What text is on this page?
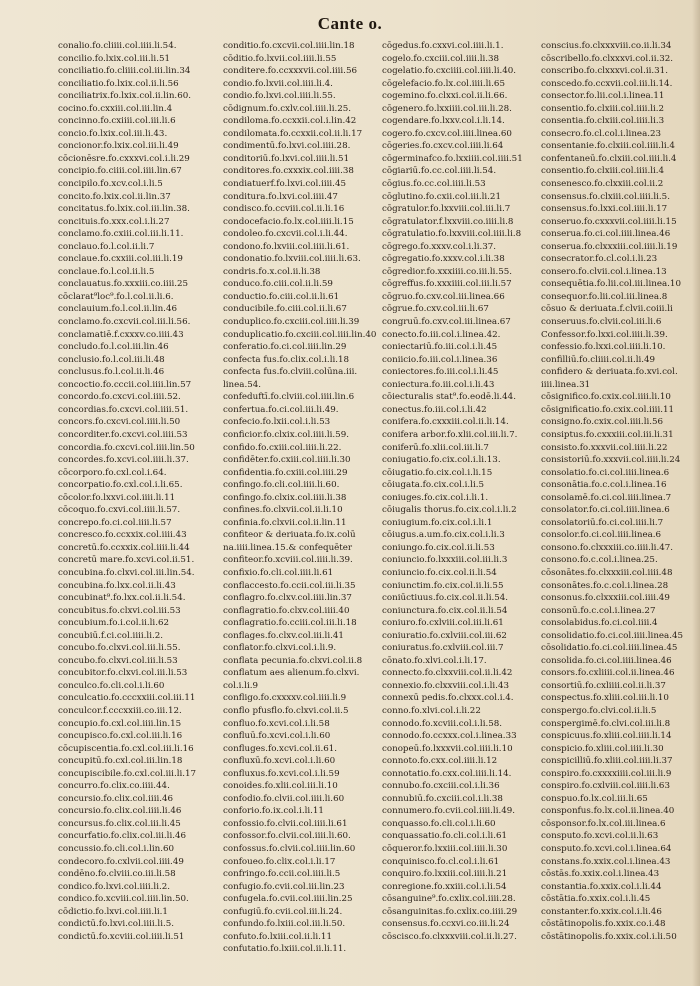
Cante o.
conalio.fo.cliiii.col.iiii.li.54.
concilio.fo.lxix.col.iii.li.51
conciliatio.fo.cliiii.col.iii.lin.34
conciliatio.fo.lxix.col.ii.li.56
conciliatrix.fo.lxix.col.ii.lin.60.
cocino.fo.cxxiii.col.iii.lin.4
concinno.fo.cxiiii.col.iii.li.6
concio.fo.lxix.col.iii.li.43.
concionor.fo.lxix.col.iii.li.49
cōcionēsre.fo.cxxxvi.col.i.li.29
concipio.fo.ciiii.col.iiii.lin.67
concipilo.fo.xcv.col.i.li.5
concito.fo.lxix.col.ii.lin.37
concitatus.fo.lxix.col.iii.lin.38.
concituis.fo.xxx.col.i.li.27
conclamo.fo.cxiii.col.iii.li.11.
conclauo.fo.l.col.ii.li.7
conclaue.fo.cxxiii.col.iii.li.19
conclaue.fo.l.col.ii.li.5
conclauatus.fo.xxxiii.co.iiii.25
cōclarat⁹loc⁹.fo.l.col.ii.li.6.
conclauium.fo.l.col.ii.lin.46
conclamo.fo.cxcvii.col.iii.li.56.
conclamatiē.f.cxxxv.co.iiii.43
concludo.fo.l.col.iii.lin.46
conclusio.fo.l.col.iii.li.48
conclusus.fo.l.col.ii.li.46
concoctio.fo.cccii.col.iiii.lin.57
concordo.fo.cxcvi.col.iiii.52.
concordias.fo.cxcvi.col.iiii.51.
concors.fo.cxcvi.col.iiii.li.50
concorditer.fo.cxcvi.col.iiii.53
concordia.fo.cxcvi.col.iiii.lin.50
concordes.fo.xcvi.col.iiii.li.37.
cōcorporo.fo.cxl.col.i.64.
concorpatio.fo.cxl.col.i.li.65.
cōcolor.fo.lxxvi.col.iiii.li.11
cōcoquo.fo.cxvi.col.iiii.li.57.
concrepo.fo.ci.col.iiii.li.57
concresco.fo.ccxxix.col.iiii.43
concretū.fo.ccxxix.col.iiii.li.44
concretū mare.fo.xcvi.col.ii.51.
concubina.fo.clxvi.col.iii.lin.54.
concubina.fo.lxx.col.ii.li.43
concubinat⁹.fo.lxx.col.ii.li.54.
concubitus.fo.clxvi.col.iii.53
concubium.fo.i.col.ii.li.62
concubiū.f.ci.col.iiii.li.2.
concubo.fo.clxvi.col.iii.li.55.
concubo.fo.clxvi.col.iii.li.53
concubitor.fo.clxvi.col.iii.li.53
conculco.fo.cli.col.i.li.60
conculcatio.fo.cccxxiii.col.iii.11
conculcor.f.cccxxiii.co.iii.12.
concupio.fo.cxl.col.iiii.lin.15
concupisco.fo.cxl.col.iii.li.16
cōcupiscentia.fo.cxl.col.iii.li.16
concupitū.fo.cxl.col.iii.lin.18
concupiscibile.fo.cxl.col.iii.li.17
concurro.fo.clix.co.iiii.44.
concursio.fo.clix.col.iiii.46
concursio.fo.clix.col.iiii.li.46
concursus.fo.clix.col.iii.li.45
concurfatio.fo.clix.col.iii.li.46
concussio.fo.cli.col.i.lin.60
condecoro.fo.cxlvii.col.iiii.49
condēno.fo.clviii.co.iii.li.58
condico.fo.lxvi.col.iiii.li.2.
condico.fo.xcviii.col.iiii.lin.50.
cōdictio.fo.lxvi.col.iiii.li.1
condictū.fo.lxvi.col.iiii.li.5.
condictū.fo.xcviii.col.iiii.li.51
conditio.fo.cxcvii.col.iiii.lin.18
cōditio.fo.lxvii.col.iiii.li.55
conditere.fo.ccxxxvii.col.iiii.56
condio.fo.lxvii.col.iiii.li.4.
condio.fo.lxvi.col.iiii.li.55.
cōdignum.fo.cxlv.col.iiii.li.25.
condiloma.fo.ccxxii.col.i.lin.42
condilomata.fo.ccxxii.col.ii.li.17
condimentū.fo.lxvi.col.iiii.28.
conditoriū.fo.lxvi.col.iiii.li.51
conditores.fo.cxxxix.col.iiii.38
condiatuerf.fo.lxvi.col.iiii.45
conditura.fo.lxvi.col.iiii.47
condisco.fo.ccviii.col.ii.li.16
condocefacio.fo.lx.col.iiii.li.15
condoleo.fo.cxcvii.col.i.li.44.
condono.fo.lxviii.col.iiii.li.61.
condonatio.fo.lxviii.col.iiii.li.63.
condris.fo.x.col.ii.li.38
conduco.fo.ciii.col.ii.li.59
conductio.fo.ciii.col.ii.li.61
conducibile.fo.ciii.col.ii.li.67
conduplico.fo.cxciii.col.iiii.li.39
conduplicatio.fo.cxciii.col.iiii.lin.40
conferatio.fo.ci.col.iiii.lin.29
confecta fus.fo.clix.col.i.li.18
confecta fus.fo.clviii.colūna.iii.
linea.54.
confeduftī.fo.clviii.col.iiii.lin.6
confertua.fo.ci.col.iii.li.49.
confecio.fo.lxii.col.i.li.53
conficior.fo.clxix.col.iiii.li.59.
confido.fo.cxiii.col.iiii.li.22.
confidēter.fo.cxiii.col.iiii.li.30
confidentia.fo.cxiii.col.iiii.29
confingo.fo.cli.col.iiii.li.60.
confingo.fo.clxix.col.iiii.li.38
confines.fo.clxvii.col.ii.li.10
confinia.fo.clxvii.col.ii.lin.11
confiteor & deriuata.fo.ix.colū
na.iiii.linea.15.& confequēter
confiteor.fo.xcviii.col.iiii.li.39.
confixio.fo.cli.col.iiii.li.61
conflaccesto.fo.ccii.col.iii.li.35
conflagro.fo.clxv.col.iiii.lin.37
conflagratio.fo.clxv.col.iiii.40
conflagratio.fo.cciii.col.iii.li.18
conflages.fo.clxv.col.iii.li.41
conflator.fo.clxvi.col.i.li.9.
conflata pecunia.fo.clxvi.col.ii.8
conflatum aes alienum.fo.clxvi.
col.i.li.9
confligo.fo.cxxxxv.col.iiii.li.9
conflo pfusflo.fo.clxvi.col.ii.5
confluo.fo.xcvi.col.i.li.58
confluū.fo.xcvi.col.i.li.60
confluges.fo.xcvi.col.ii.61.
confluxū.fo.xcvi.col.i.li.60
confluxus.fo.xcvi.col.i.li.59
conoides.fo.xlii.col.iii.li.10
confodio.fo.clvii.col.iiii.li.60
conforio.fo.ix.col.i.li.11
confossio.fo.clvii.col.iiii.li.61
confossor.fo.clvii.col.iiii.li.60.
confossus.fo.clvii.col.iiii.lin.60
confoueo.fo.clix.col.i.li.17
confringo.fo.ccii.col.iiii.li.5
confugio.fo.cvii.col.iii.lin.23
confugela.fo.cvii.col.iiii.lin.25
confugiū.fo.cvii.col.iii.li.24.
confundo.fo.lxiii.col.iii.li.50.
confuto.fo.lxiii.col.ii.li.11
confutatio.fo.lxiii.col.ii.li.11.
cōgedus.fo.cxxvi.col.iiii.li.1.
cogelo.fo.cxciii.col.iiii.li.38
cogelatio.fo.cxciiii.col.iiii.li.40.
cōgelefacio.fo.lx.col.iiii.li.65
cogemino.fo.clxxi.col.ii.li.66.
cōgenero.fo.lxxiiii.col.iii.li.28.
cogendare.fo.lxxv.col.i.li.14.
cogero.fo.cxcv.col.iiii.linea.60
cōgeries.fo.cxcv.col.iiii.li.64
cōgerminafco.fo.lxxiiii.col.iiii.51
cōgiariū.fo.cc.col.iiii.li.54.
cōgius.fo.cc.col.iiii.li.53
cōglutino.fo.cxii.col.iii.li.21
cōgratulor.fo.lxxviii.col.iii.li.7
cōgratulator.f.lxxviii.co.iiii.li.8
cōgratulatio.fo.lxxviii.col.iiii.li.8
cōgrego.fo.xxxv.col.i.li.37.
cōgregatio.fo.xxxv.col.i.li.38
cōgredior.fo.xxxiiii.co.iii.li.55.
cōgreffus.fo.xxxiiii.col.iii.li.57
cōgruo.fo.cxv.col.iii.linea.66
cōgrue.fo.cxv.col.iii.li.67
congruū.fo.cxv.col.iii.linea.67
conecto.fo.iii.col.i.linea.42.
coniectariū.fo.iii.col.i.li.45
coniicio.fo.iii.col.i.linea.36
coniectores.fo.iii.col.i.li.45
coniectura.fo.iii.col.i.li.43
cōiecturalis stat⁹.fo.eodē.li.44.
conectus.fo.iii.col.i.li.42
conifera.fo.cxxxiii.col.ii.li.14.
conifera arbor.fo.xlii.col.iii.li.7.
coniferū.fo.xlii.col.iii.li.7
coniugatio.fo.cix.col.i.li.13.
cōiugatio.fo.cix.col.i.li.15
cōiugata.fo.cix.col.i.li.5
coniuges.fo.cix.col.i.li.1.
cōiugalis thorus.fo.cix.col.i.li.2
coniugium.fo.cix.col.i.li.1
cōiugus.a.um.fo.cix.col.i.li.3
coniungo.fo.cix.col.ii.li.53
coniuncio.fo.lxxxiii.col.iii.li.3
coniuncio.fo.cix.col.ii.li.54
coniunctim.fo.cix.col.ii.li.55
coniūctiuus.fo.cix.col.ii.li.54.
coniunctura.fo.cix.col.ii.li.54
coniuro.fo.cxlviii.col.iii.li.61
coniuratio.fo.cxlviii.col.iii.62
coniuratus.fo.cxlviii.col.iii.7
cōnato.fo.xlvi.col.i.li.17.
connecto.fo.clxxviii.col.ii.li.42
connexio.fo.clxxviii.col.i.li.43
connexū pedis.fo.clxxx.col.i.4.
conno.fo.xlvi.col.i.li.22
connodo.fo.xcviii.col.i.li.58.
connodo.fo.ccxxx.col.i.linea.33
conopeū.fo.lxxxvii.col.iiii.li.10
connoto.fo.cxx.col.iiii.li.12
connotatio.fo.cxx.col.iiii.li.14.
connubo.fo.cxciii.col.i.li.36
connubiū.fo.cxciii.col.i.li.38
connumero.fo.cvii.col.iiii.li.49.
conquasso.fo.cli.col.i.li.60
conquassatio.fo.cli.col.i.li.61
cōqueror.fo.lxxiii.col.iiii.li.30
conquinisco.fo.cl.col.i.li.61
conquiro.fo.lxxiii.col.iiii.li.21
conregione.fo.xxiii.col.i.li.54
cōsanguine⁹.fo.cxlix.col.iiii.28.
cōsanguinitas.fo.cxlix.co.iiii.29
consensus.fo.ccxvi.co.iii.li.24
cōscisco.fo.clxxxviii.col.ii.li.27.
conscius.fo.clxxxviii.co.ii.li.34
cōscribello.fo.clxxxvi.col.ii.32.
conscribo.fo.clxxxvi.col.ii.31.
conscedo.fo.ccxvii.col.iii.li.14.
consector.fo.lii.col.i.linea.11
consentio.fo.clxiii.col.iiii.li.2
consentia.fo.clxiii.col.iiii.li.3
consecro.fo.cl.col.i.linea.23
consentanie.fo.clxiii.col.iiii.li.4
confentaneū.fo.clxiii.col.iiii.li.4
consentio.fo.clxiii.col.iiii.li.4
consenesco.fo.clxxiii.col.ii.2
consensus.fo.clxiii.col.iiii.li.5.
consensus.fo.lxxi.col.iiii.li.17
conseruo.fo.cxxxvii.col.iiii.li.15
conserua.fo.ci.col.iiii.linea.46
conserua.fo.clxxxiii.col.iiii.li.19
consecrator.fo.cl.col.i.li.23
consero.fo.clvii.col.i.linea.13
consequētia.fo.lii.col.iii.linea.10
consequor.fo.lii.col.iii.linea.8
cōsuo & deriuata.f.clvii.coiii.li
conseruus.fo.clvii.col.iii.li.6
Confessor.fo.lxxi.col.iiii.li.39.
confessio.fo.lxxi.col.iiii.li.10.
confilliū.fo.cliiii.col.ii.li.49
confidero & deriuata.fo.xvi.col.
iiii.linea.31
cōsignifico.fo.cxix.col.iiii.li.10
cōsignificatio.fo.cxix.col.iiii.11
consigno.fo.cxix.col.iiii.li.56
consiptus.fo.cxxxiii.col.iii.li.31
consisto.fo.xxxvii.col.iiii.li.22
consistoriū.fo.xxxvii.col.iiii.li.24
consolatio.fo.ci.col.iiii.linea.6
consonātia.fo.c.col.i.linea.16
consolamē.fo.ci.col.iiii.linea.7
consolator.fo.ci.col.iiii.linea.6
consolatoriū.fo.ci.col.iiii.li.7
consolor.fo.ci.col.iiii.linea.6
consono.fo.clxxxiii.co.iiii.li.47.
consono.fo.c.col.i.linea.25.
cōsonātes.fo.clxxxiii.col.iiii.48
consonātes.fo.c.col.i.linea.28
consonus.fo.clxxxiii.col.iiii.49
consonū.fo.c.col.i.linea.27
consolabidus.fo.ci.col.iiii.4
consolidatio.fo.ci.col.iiii.linea.45
cōsolidatio.fo.ci.col.iiii.linea.45
consolida.fo.ci.col.iiii.linea.46
consors.fo.cxliiii.col.ii.linea.46
consortiū.fo.cxliiii.col.ii.li.37
conspectus.fo.xliii.col.iii.li.10
conspergo.fo.clvi.col.ii.li.5
conspergimē.fo.clvi.col.iii.li.8
conspicuus.fo.xliii.col.iiii.li.14
conspicio.fo.xliii.col.iiii.li.30
conspicilliū.fo.xliii.col.iiii.li.37
conspiro.fo.cxxxxiiii.col.iii.li.9
conspiro.fo.cxlviii.col.iiii.li.63
conspuo.fo.lx.col.iii.li.65
consponfus.fo.lx.col.ii.linea.40
cōsponsor.fo.lx.col.iii.linea.6
consputo.fo.xcvi.col.ii.li.63
consputo.fo.xcvi.col.i.linea.64
constans.fo.xxix.col.i.linea.43
cōstās.fo.xxix.col.i.linea.43
constantia.fo.xxix.col.i.li.44
cōstātia.fo.xxix.col.i.li.45
constanter.fo.xxix.col.i.li.46
cōstātinopolis.fo.xxix.co.i.48
cōstātinopolis.fo.xxix.col.i.li.50
